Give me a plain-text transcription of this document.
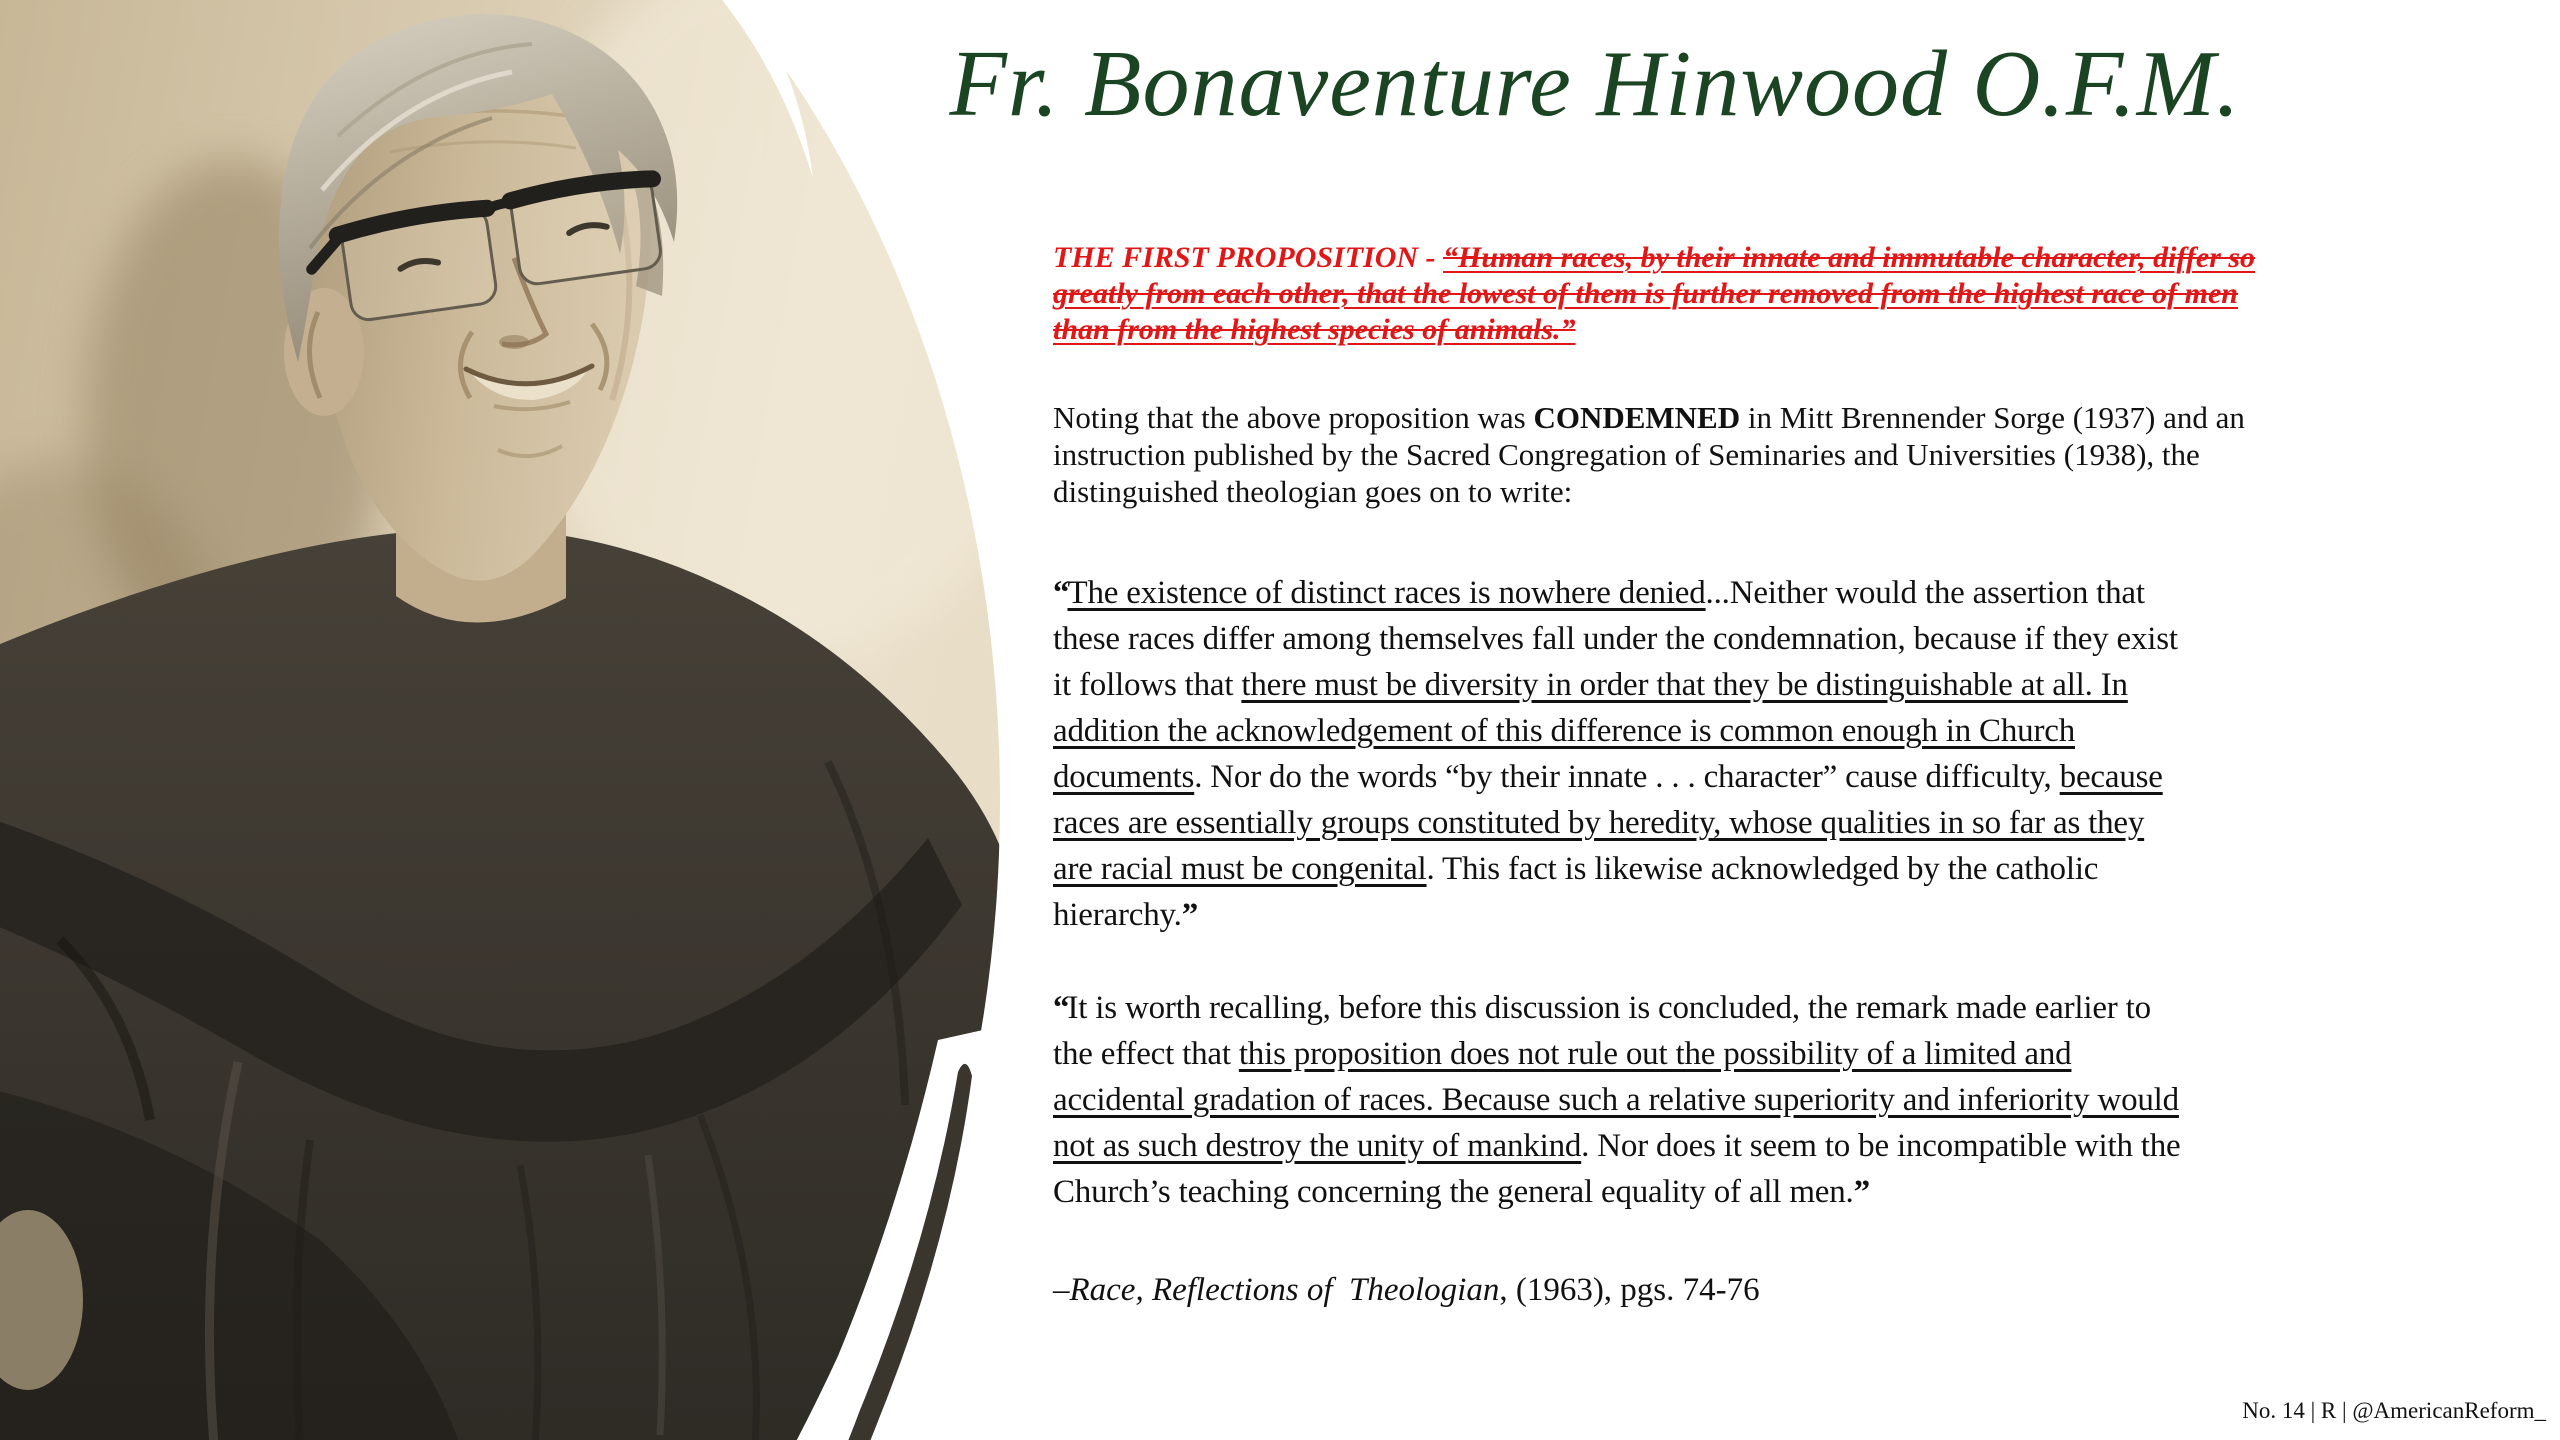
Fr. Bonaventure Hinwood O.F.M.
THE FIRST PROPOSITION - “Human races, by their innate and immutable character, differ so
greatly from each other, that the lowest of them is further removed from the highest race of men
than from the highest species of animals.”
Noting that the above proposition was CONDEMNED in Mitt Brennender Sorge (1937) and an
instruction published by the Sacred Congregation of Seminaries and Universities (1938), the
distinguished theologian goes on to write:
“The existence of distinct races is nowhere denied...Neither would the assertion that
these races differ among themselves fall under the condemnation, because if they exist
it follows that there must be diversity in order that they be distinguishable at all. In
addition the acknowledgement of this difference is common enough in Church
documents. Nor do the words “by their innate . . . character” cause difficulty, because
races are essentially groups constituted by heredity, whose qualities in so far as they
are racial must be congenital. This fact is likewise acknowledged by the catholic
hierarchy.”
“It is worth recalling, before this discussion is concluded, the remark made earlier to
the effect that this proposition does not rule out the possibility of a limited and
accidental gradation of races. Because such a relative superiority and inferiority would
not as such destroy the unity of mankind. Nor does it seem to be incompatible with the
Church’s teaching concerning the general equality of all men.”
–Race, Reflections of  Theologian, (1963), pgs. 74-76
No. 14 | R | @AmericanReform_
